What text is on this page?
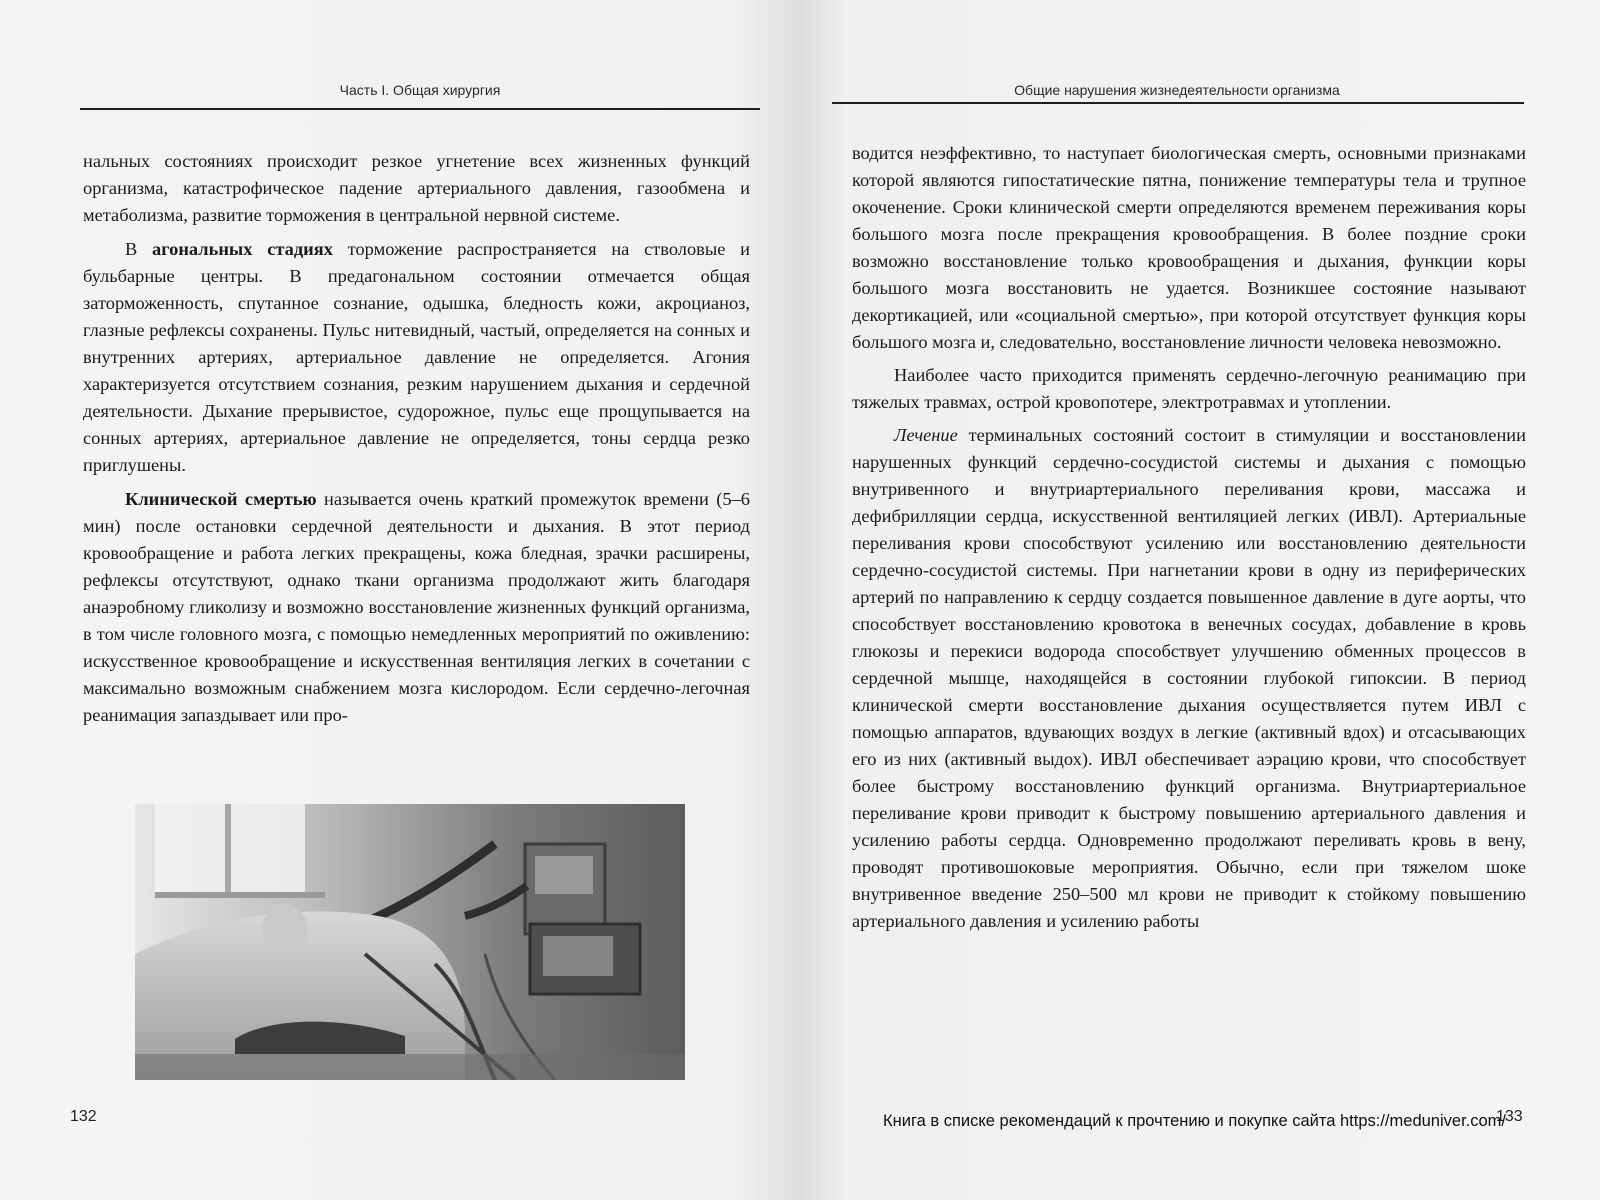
Часть I. Общая хирургия

нальных состояниях происходит резкое угнетение всех жизненных функций организма, катастрофическое падение артериального давления, газообмена и метаболизма, развитие торможения в центральной нервной системе.

В агональных стадиях торможение распространяется на стволовые и бульбарные центры. В предагональном состоянии отмечается общая заторможенность, спутанное сознание, одышка, бледность кожи, акроцианоз, глазные рефлексы сохранены. Пульс нитевидный, частый, определяется на сонных и внутренних артериях, артериальное давление не определяется. Агония характеризуется отсутствием сознания, резким нарушением дыхания и сердечной деятельности. Дыхание прерывистое, судорожное, пульс еще прощупывается на сонных артериях, артериальное давление не определяется, тоны сердца резко приглушены.

Клинической смертью называется очень краткий промежуток времени (5–6 мин) после остановки сердечной деятельности и дыхания. В этот период кровообращение и работа легких прекращены, кожа бледная, зрачки расширены, рефлексы отсутствуют, однако ткани организма продолжают жить благодаря анаэробному гликолизу и возможно восстановление жизненных функций организма, в том числе головного мозга, с помощью немедленных мероприятий по оживлению: искусственное кровообращение и искусственная вентиляция легких в сочетании с максимально возможным снабжением мозга кислородом. Если сердечно-легочная реанимация запаздывает или про-

132
Общие нарушения жизнедеятельности организма

водится неэффективно, то наступает биологическая смерть, основными признаками которой являются гипостатические пятна, понижение температуры тела и трупное окоченение. Сроки клинической смерти определяются временем переживания коры большого мозга после прекращения кровообращения. В более поздние сроки возможно восстановление только кровообращения и дыхания, функции коры большого мозга восстановить не удается. Возникшее состояние называют декортикацией, или «социальной смертью», при которой отсутствует функция коры большого мозга и, следовательно, восстановление личности человека невозможно.

Наиболее часто приходится применять сердечно-легочную реанимацию при тяжелых травмах, острой кровопотере, электротравмах и утоплении.

Лечение терминальных состояний состоит в стимуляции и восстановлении нарушенных функций сердечно-сосудистой системы и дыхания с помощью внутривенного и внутриартериального переливания крови, массажа и дефибрилляции сердца, искусственной вентиляцией легких (ИВЛ). Артериальные переливания крови способствуют усилению или восстановлению деятельности сердечно-сосудистой системы. При нагнетании крови в одну из периферических артерий по направлению к сердцу создается повышенное давление в дуге аорты, что способствует восстановлению кровотока в венечных сосудах, добавление в кровь глюкозы и перекиси водорода способствует улучшению обменных процессов в сердечной мышце, находящейся в состоянии глубокой гипоксии. В период клинической смерти восстановление дыхания осуществляется путем ИВЛ с помощью аппаратов, вдувающих воздух в легкие (активный вдох) и отсасывающих его из них (активный выдох). ИВЛ обеспечивает аэрацию крови, что способствует более быстрому восстановлению функций организма. Внутриартериальное переливание крови приводит к быстрому повышению артериального давления и усилению работы сердца. Одновременно продолжают переливать кровь в вену, проводят противошоковые мероприятия. Обычно, если при тяжелом шоке внутривенное введение 250–500 мл крови не приводит к стойкому повышению артериального давления и усилению работы

133
Книга в списке рекомендаций к прочтению и покупке сайта https://meduniver.com/
